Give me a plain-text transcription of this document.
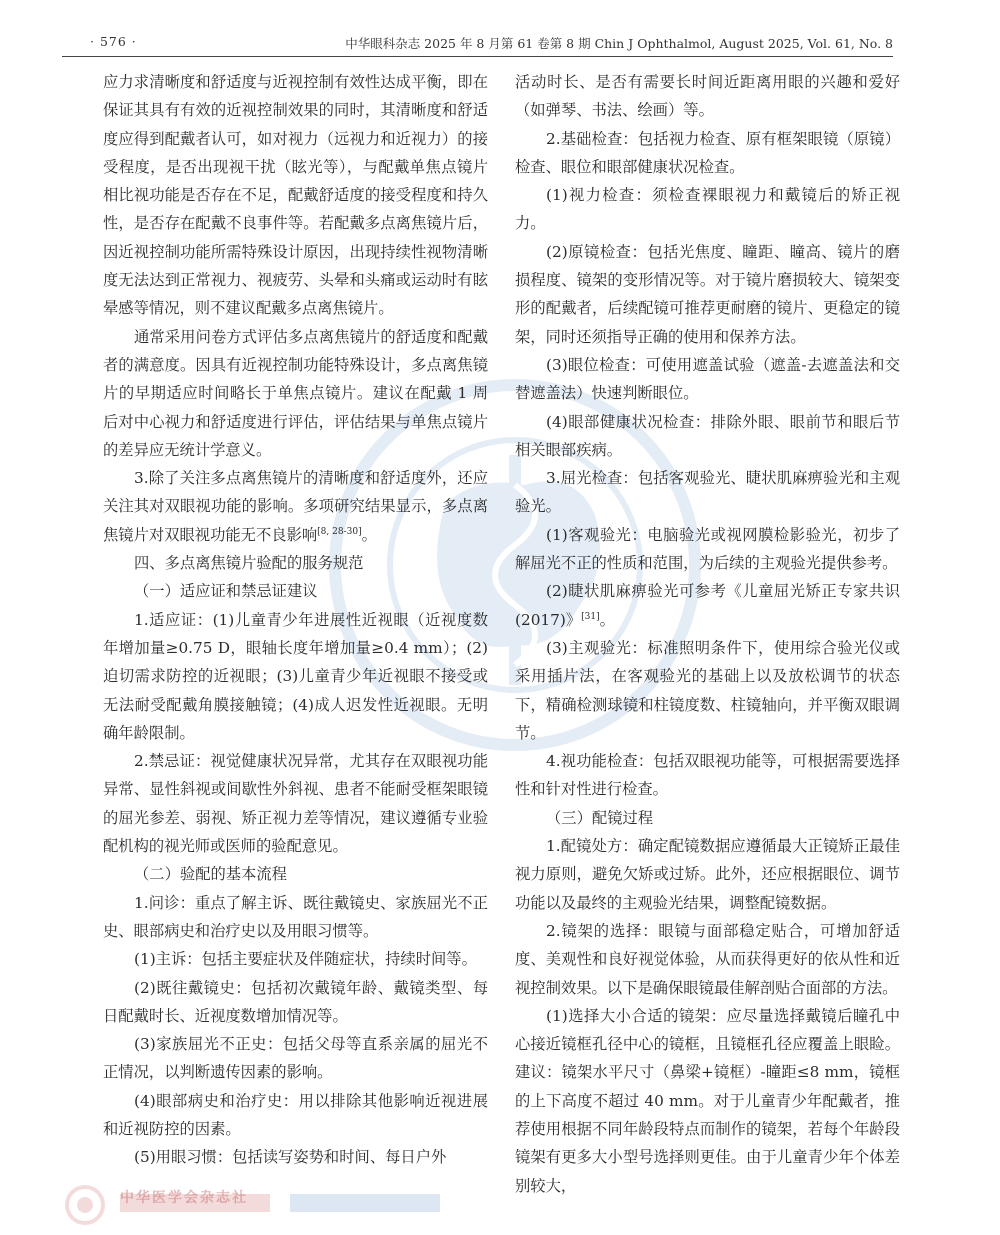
· 576 ·	中华眼科杂志 2025 年 8 月第 61 卷第 8 期 Chin J Ophthalmol, August 2025, Vol. 61, No. 8

应力求清晰度和舒适度与近视控制有效性达成平衡，即在保证其具有有效的近视控制效果的同时，其清晰度和舒适度应得到配戴者认可，如对视力（远视力和近视力）的接受程度，是否出现视干扰（眩光等），与配戴单焦点镜片相比视功能是否存在不足，配戴舒适度的接受程度和持久性，是否存在配戴不良事件等。若配戴多点离焦镜片后，因近视控制功能所需特殊设计原因，出现持续性视物清晰度无法达到正常视力、视疲劳、头晕和头痛或运动时有眩晕感等情况，则不建议配戴多点离焦镜片。

通常采用问卷方式评估多点离焦镜片的舒适度和配戴者的满意度。因具有近视控制功能特殊设计，多点离焦镜片的早期适应时间略长于单焦点镜片。建议在配戴 1 周后对中心视力和舒适度进行评估，评估结果与单焦点镜片的差异应无统计学意义。

3.除了关注多点离焦镜片的清晰度和舒适度外，还应关注其对双眼视功能的影响。多项研究结果显示，多点离焦镜片对双眼视功能无不良影响[8, 28-30]。

四、多点离焦镜片验配的服务规范

（一）适应证和禁忌证建议

1.适应证：(1)儿童青少年进展性近视眼（近视度数年增加量≥0.75 D，眼轴长度年增加量≥0.4 mm）；(2)迫切需求防控的近视眼；(3)儿童青少年近视眼不接受或无法耐受配戴角膜接触镜；(4)成人迟发性近视眼。无明确年龄限制。

2.禁忌证：视觉健康状况异常，尤其存在双眼视功能异常、显性斜视或间歇性外斜视、患者不能耐受框架眼镜的屈光参差、弱视、矫正视力差等情况，建议遵循专业验配机构的视光师或医师的验配意见。

（二）验配的基本流程

1.问诊：重点了解主诉、既往戴镜史、家族屈光不正史、眼部病史和治疗史以及用眼习惯等。

(1)主诉：包括主要症状及伴随症状，持续时间等。

(2)既往戴镜史：包括初次戴镜年龄、戴镜类型、每日配戴时长、近视度数增加情况等。

(3)家族屈光不正史：包括父母等直系亲属的屈光不正情况，以判断遗传因素的影响。

(4)眼部病史和治疗史：用以排除其他影响近视进展和近视防控的因素。

(5)用眼习惯：包括读写姿势和时间、每日户外

活动时长、是否有需要长时间近距离用眼的兴趣和爱好（如弹琴、书法、绘画）等。

2.基础检查：包括视力检查、原有框架眼镜（原镜）检查、眼位和眼部健康状况检查。

(1)视力检查：须检查裸眼视力和戴镜后的矫正视力。

(2)原镜检查：包括光焦度、瞳距、瞳高、镜片的磨损程度、镜架的变形情况等。对于镜片磨损较大、镜架变形的配戴者，后续配镜可推荐更耐磨的镜片、更稳定的镜架，同时还须指导正确的使用和保养方法。

(3)眼位检查：可使用遮盖试验（遮盖-去遮盖法和交替遮盖法）快速判断眼位。

(4)眼部健康状况检查：排除外眼、眼前节和眼后节相关眼部疾病。

3.屈光检查：包括客观验光、睫状肌麻痹验光和主观验光。

(1)客观验光：电脑验光或视网膜检影验光，初步了解屈光不正的性质和范围，为后续的主观验光提供参考。

(2)睫状肌麻痹验光可参考《儿童屈光矫正专家共识(2017)》[31]。

(3)主观验光：标准照明条件下，使用综合验光仪或采用插片法，在客观验光的基础上以及放松调节的状态下，精确检测球镜和柱镜度数、柱镜轴向，并平衡双眼调节。

4.视功能检查：包括双眼视功能等，可根据需要选择性和针对性进行检查。

（三）配镜过程

1.配镜处方：确定配镜数据应遵循最大正镜矫正最佳视力原则，避免欠矫或过矫。此外，还应根据眼位、调节功能以及最终的主观验光结果，调整配镜数据。

2.镜架的选择：眼镜与面部稳定贴合，可增加舒适度、美观性和良好视觉体验，从而获得更好的依从性和近视控制效果。以下是确保眼镜最佳解剖贴合面部的方法。

(1)选择大小合适的镜架：应尽量选择戴镜后瞳孔中心接近镜框孔径中心的镜框，且镜框孔径应覆盖上眼睑。建议：镜架水平尺寸（鼻梁+镜框）-瞳距≤8 mm，镜框的上下高度不超过 40 mm。对于儿童青少年配戴者，推荐使用根据不同年龄段特点而制作的镜架，若每个年龄段镜架有更多大小型号选择则更佳。由于儿童青少年个体差别较大，

中华医学会杂志社
